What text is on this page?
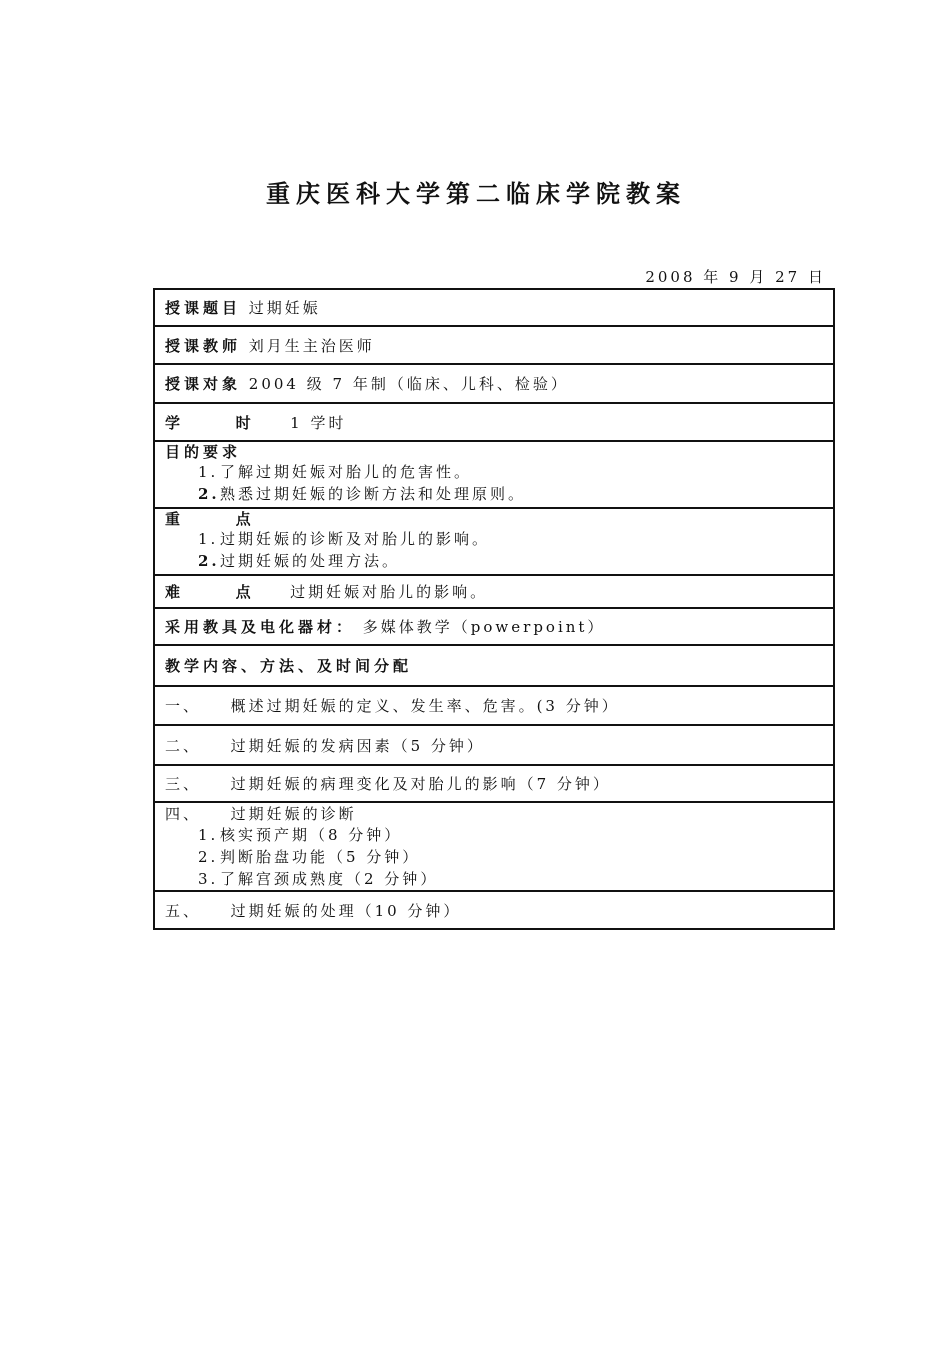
重庆医科大学第二临床学院教案
2008 年 9 月 27 日
授课题目 过期妊娠
授课教师 刘月生主治医师
授课对象 2004 级 7 年制（临床、儿科、检验）
学	时 1 学时

目的要求
1. 了解过期妊娠对胎儿的危害性。
2.熟悉过期妊娠的诊断方法和处理原则。

重	点
1. 过期妊娠的诊断及对胎儿的影响。
2.过期妊娠的处理方法。

难	点 过期妊娠对胎儿的影响。
采用教具及电化器材： 多媒体教学（powerpoint）
教学内容、方法、及时间分配
一、 概述过期妊娠的定义、发生率、危害。(3 分钟）
二、 过期妊娠的发病因素（5 分钟）
三、 过期妊娠的病理变化及对胎儿的影响（7 分钟）

四、 过期妊娠的诊断
1. 核实预产期（8 分钟）
2. 判断胎盘功能（5 分钟）
3. 了解宫颈成熟度（2 分钟）

五、 过期妊娠的处理（10 分钟）
